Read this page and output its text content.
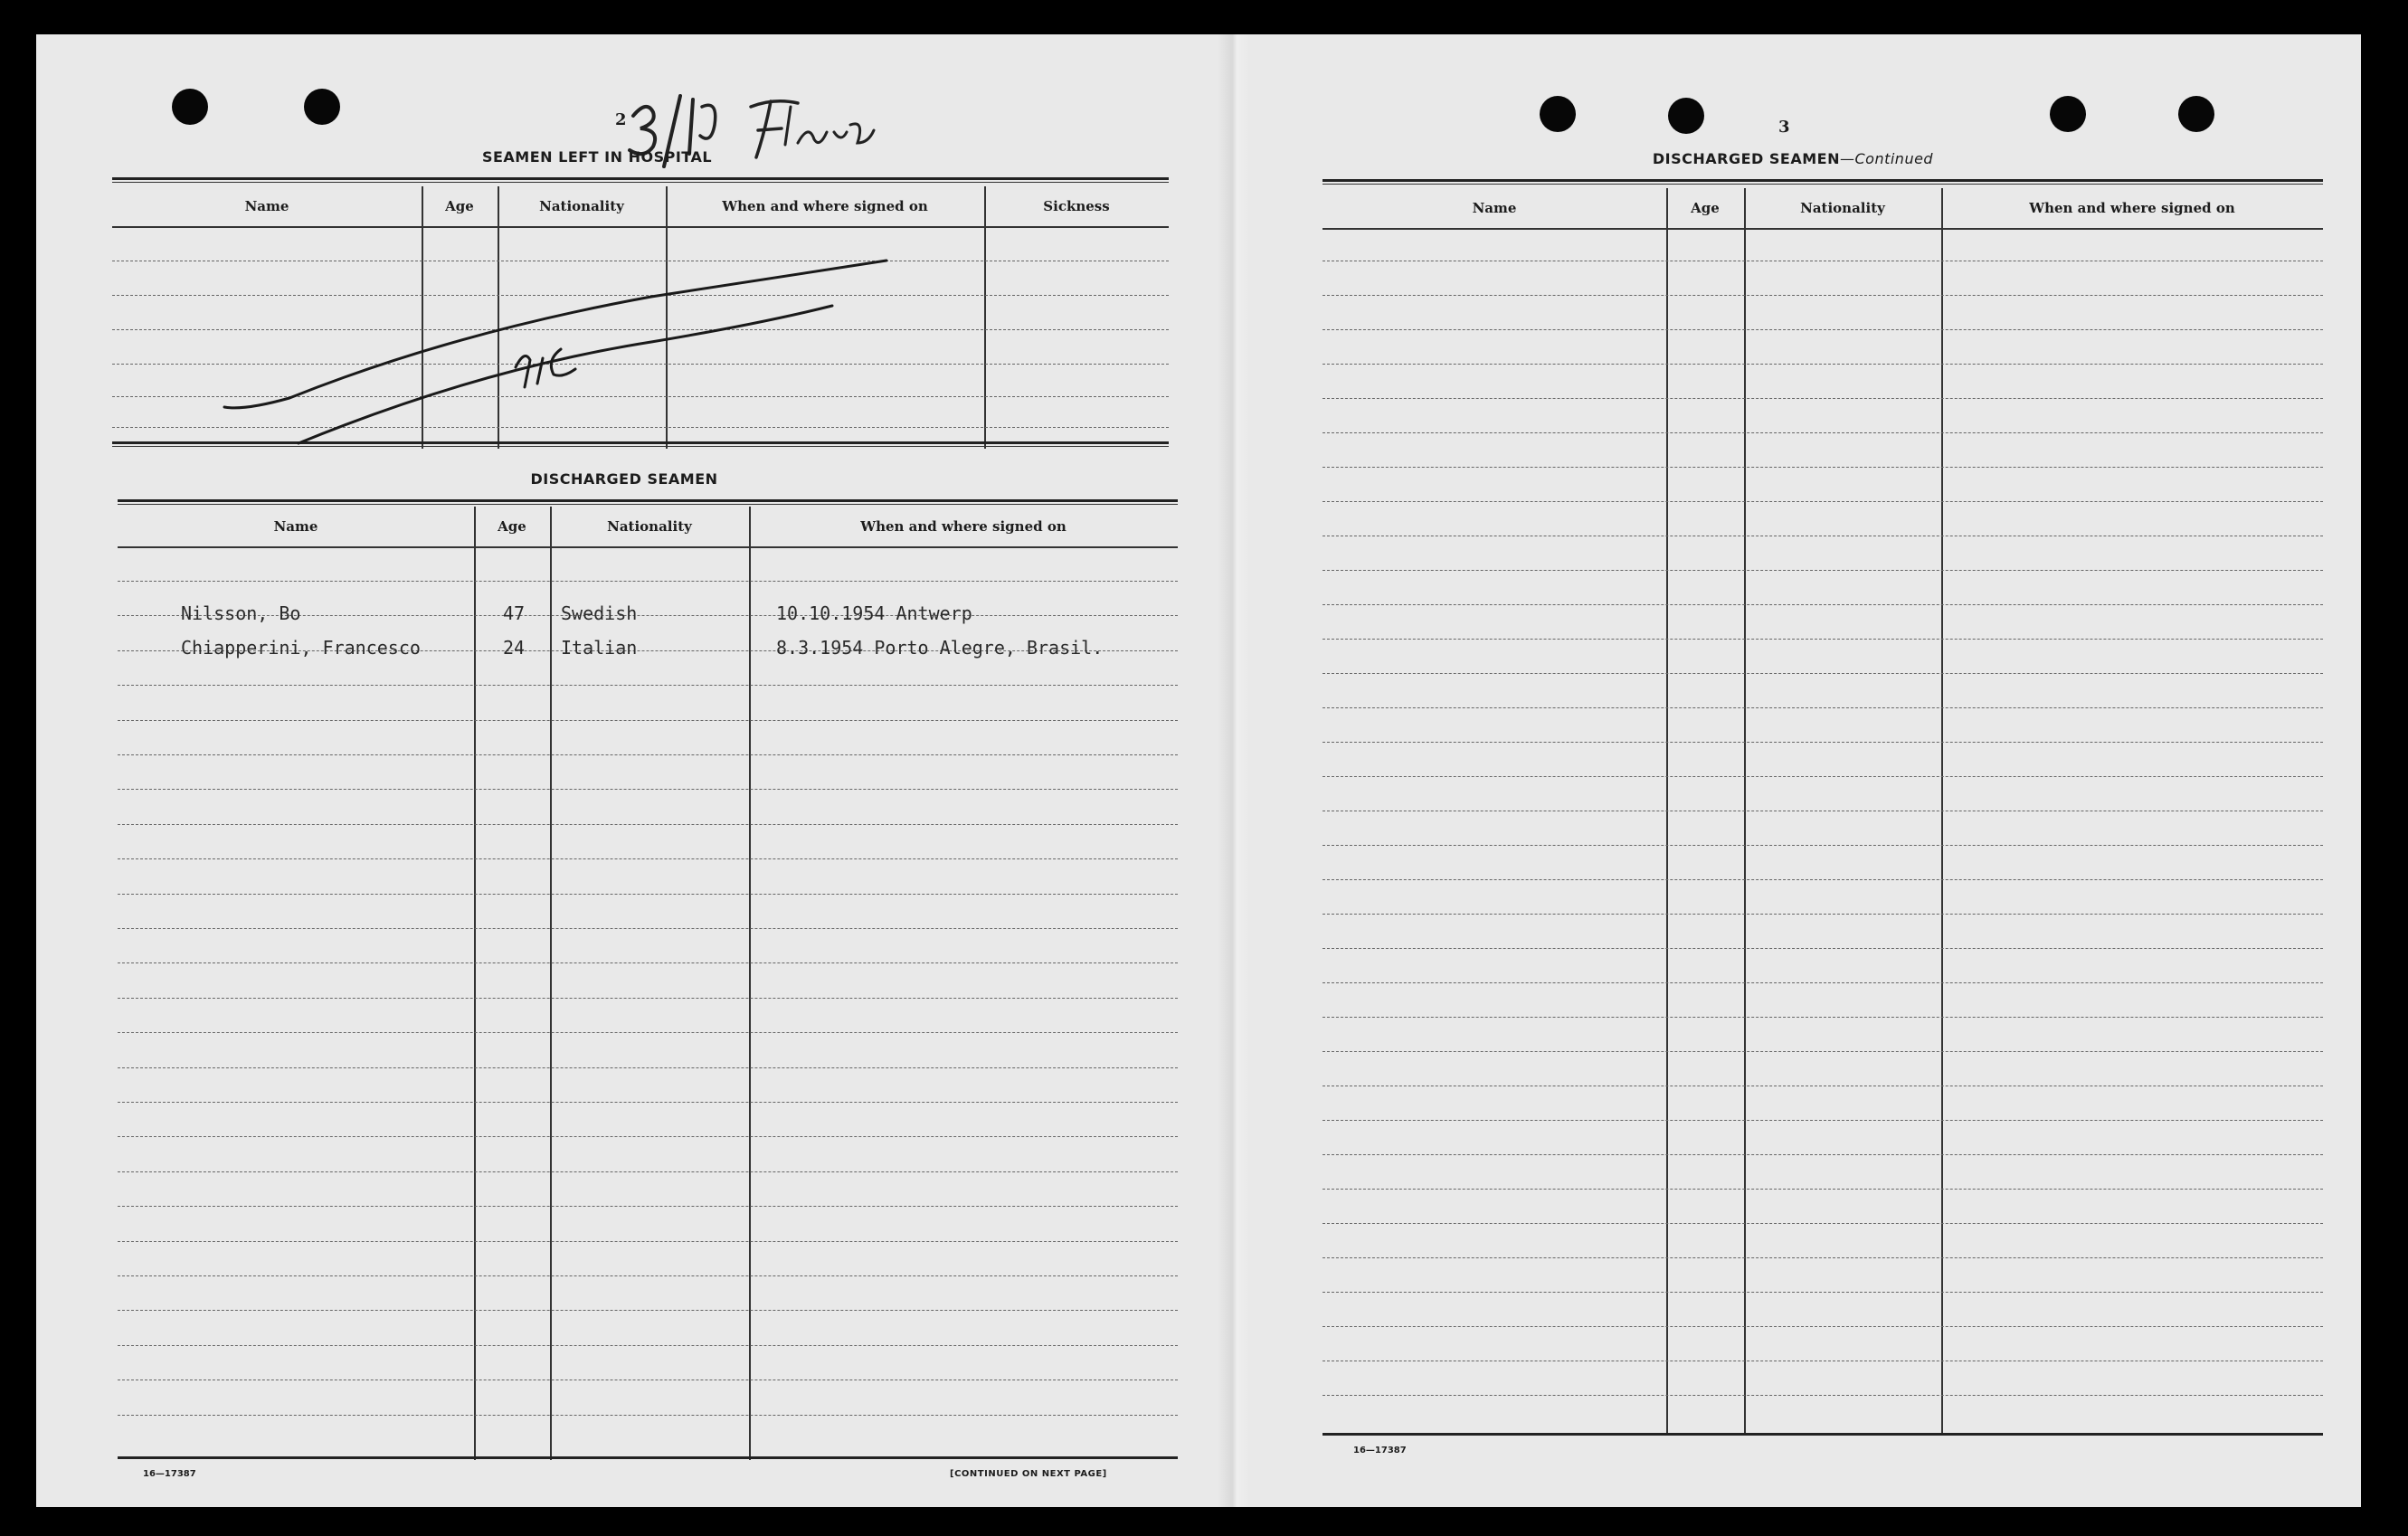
2
SEAMEN LEFT IN HOSPITAL
Name	Age	Nationality	When and where signed on	Sickness
DISCHARGED SEAMEN
Name	Age	Nationality	When and where signed on
Nilsson, Bo	47	Swedish	10.10.1954 Antwerp
Chiapperini, Francesco	24	Italian	8.3.1954 Porto Alegre, Brasil.
16—17387	[CONTINUED ON NEXT PAGE]
3
DISCHARGED SEAMEN—Continued
Name	Age	Nationality	When and where signed on
16—17387
